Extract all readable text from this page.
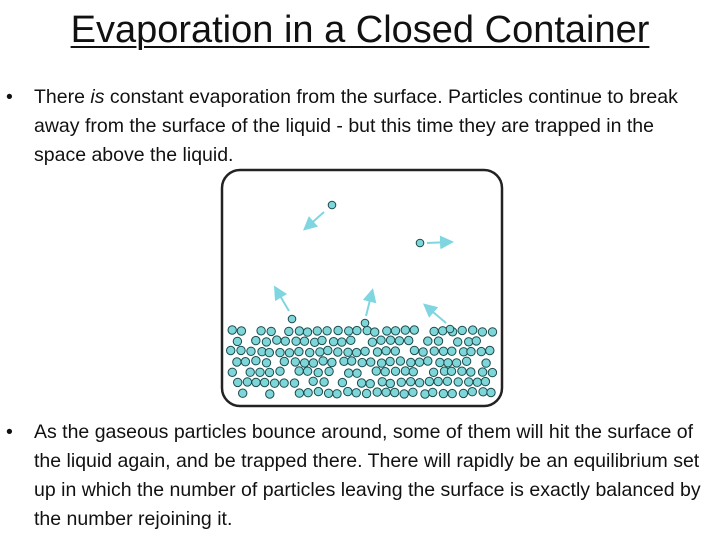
Evaporation in a Closed Container
•	There is constant evaporation from the surface. Particles continue to break away from the surface of the liquid - but this time they are trapped in the space above the liquid.
•	As the gaseous particles bounce around, some of them will hit the surface of the liquid again, and be trapped there. There will rapidly be an equilibrium set up in which the number of particles leaving the surface is exactly balanced by the number rejoining it.
